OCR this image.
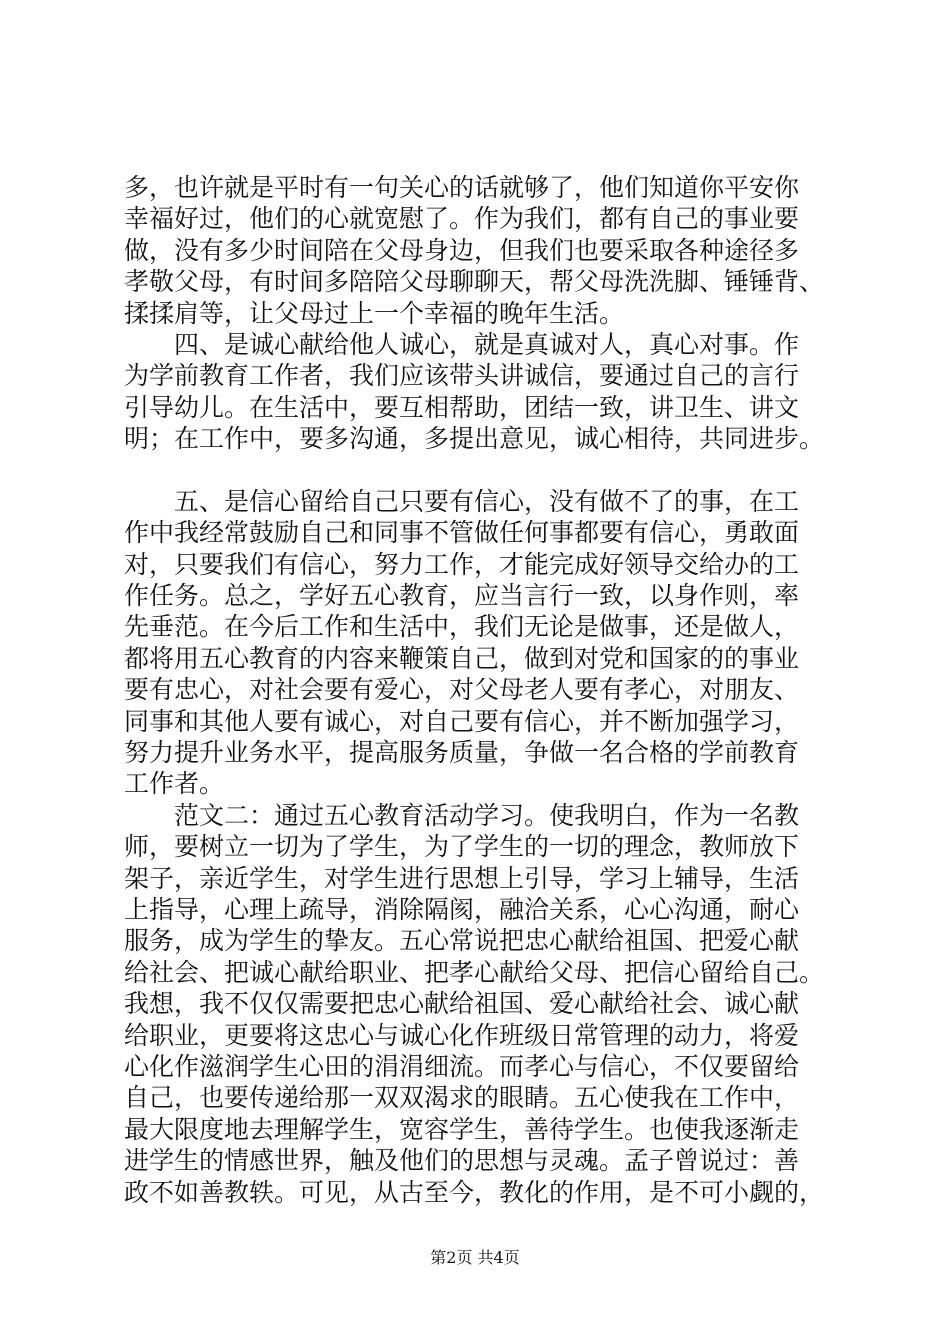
多，也许就是平时有一句关心的话就够了，他们知道你平安你
幸福好过，他们的心就宽慰了。作为我们，都有自己的事业要
做，没有多少时间陪在父母身边，但我们也要采取各种途径多
孝敬父母，有时间多陪陪父母聊聊天，帮父母洗洗脚、锤锤背、
揉揉肩等，让父母过上一个幸福的晚年生活。
　　四、是诚心献给他人诚心，就是真诚对人，真心对事。作
为学前教育工作者，我们应该带头讲诚信，要通过自己的言行
引导幼儿。在生活中，要互相帮助，团结一致，讲卫生、讲文
明；在工作中，要多沟通，多提出意见，诚心相待，共同进步。
　　五、是信心留给自己只要有信心，没有做不了的事，在工
作中我经常鼓励自己和同事不管做任何事都要有信心，勇敢面
对，只要我们有信心，努力工作，才能完成好领导交给办的工
作任务。总之，学好五心教育，应当言行一致，以身作则，率
先垂范。在今后工作和生活中，我们无论是做事，还是做人，
都将用五心教育的内容来鞭策自己，做到对党和国家的的事业
要有忠心，对社会要有爱心，对父母老人要有孝心，对朋友、
同事和其他人要有诚心，对自己要有信心，并不断加强学习，
努力提升业务水平，提高服务质量，争做一名合格的学前教育
工作者。
　　范文二：通过五心教育活动学习。使我明白，作为一名教
师，要树立一切为了学生，为了学生的一切的理念，教师放下
架子，亲近学生，对学生进行思想上引导，学习上辅导，生活
上指导，心理上疏导，消除隔阂，融洽关系，心心沟通，耐心
服务，成为学生的挚友。五心常说把忠心献给祖国、把爱心献
给社会、把诚心献给职业、把孝心献给父母、把信心留给自己。
我想，我不仅仅需要把忠心献给祖国、爱心献给社会、诚心献
给职业，更要将这忠心与诚心化作班级日常管理的动力，将爱
心化作滋润学生心田的涓涓细流。而孝心与信心，不仅要留给
自己，也要传递给那一双双渴求的眼睛。五心使我在工作中，
最大限度地去理解学生，宽容学生，善待学生。也使我逐渐走
进学生的情感世界，触及他们的思想与灵魂。孟子曾说过：善
政不如善教轶。可见，从古至今，教化的作用，是不可小觑的，
第2页 共4页
